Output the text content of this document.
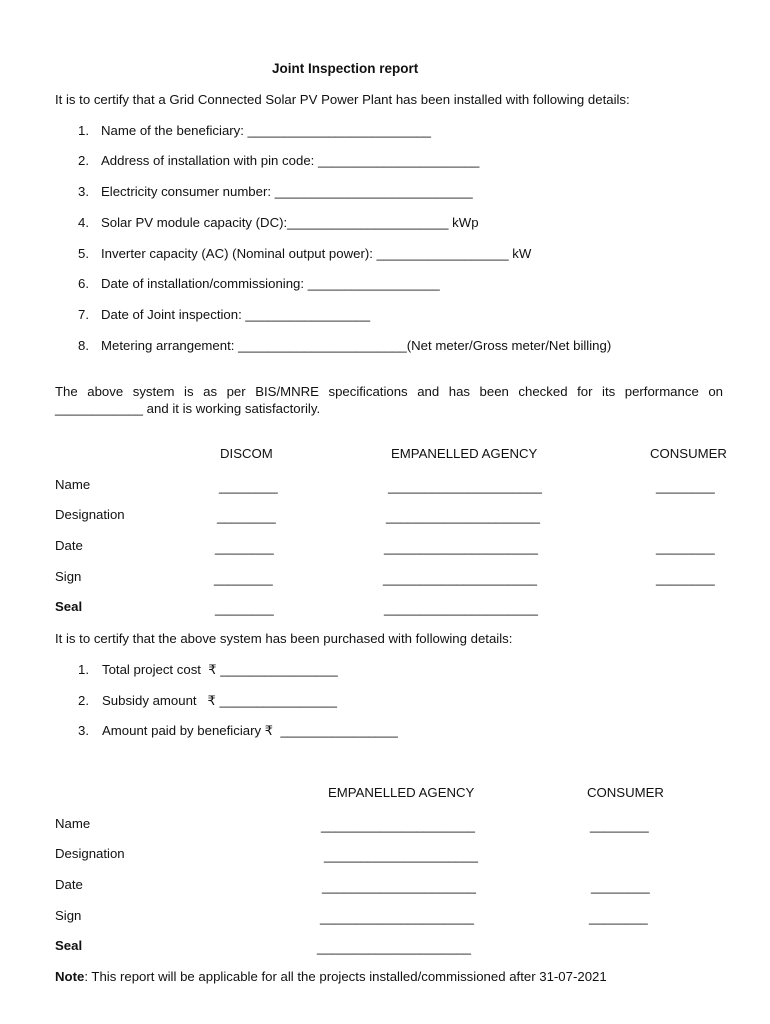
Joint Inspection report
It is to certify that a Grid Connected Solar PV Power Plant has been installed with following details:
1. Name of the beneficiary: _________________________
2. Address of installation with pin code: ______________________
3. Electricity consumer number: ___________________________
4. Solar PV module capacity (DC):______________________ kWp
5. Inverter capacity (AC) (Nominal output power): __________________ kW
6. Date of installation/commissioning: __________________
7. Date of Joint inspection: _________________
8. Metering arrangement: _______________________(Net meter/Gross meter/Net billing)
The above system is as per BIS/MNRE specifications and has been checked for its performance on ____________ and it is working satisfactorily.
DISCOM	EMPANELLED AGENCY	CONSUMER
Name	________	_____________________	________
Designation	________	_____________________
Date	________	_____________________	________
Sign	________	_____________________	________
Seal	________	_____________________
It is to certify that the above system has been purchased with following details:
1. Total project cost  ₹ ________________
2. Subsidy amount   ₹ ________________
3. Amount paid by beneficiary ₹  ________________
EMPANELLED AGENCY	CONSUMER
Name	_____________________	________
Designation	_____________________
Date	_____________________	________
Sign	_____________________	________
Seal	_____________________
Note: This report will be applicable for all the projects installed/commissioned after 31-07-2021
